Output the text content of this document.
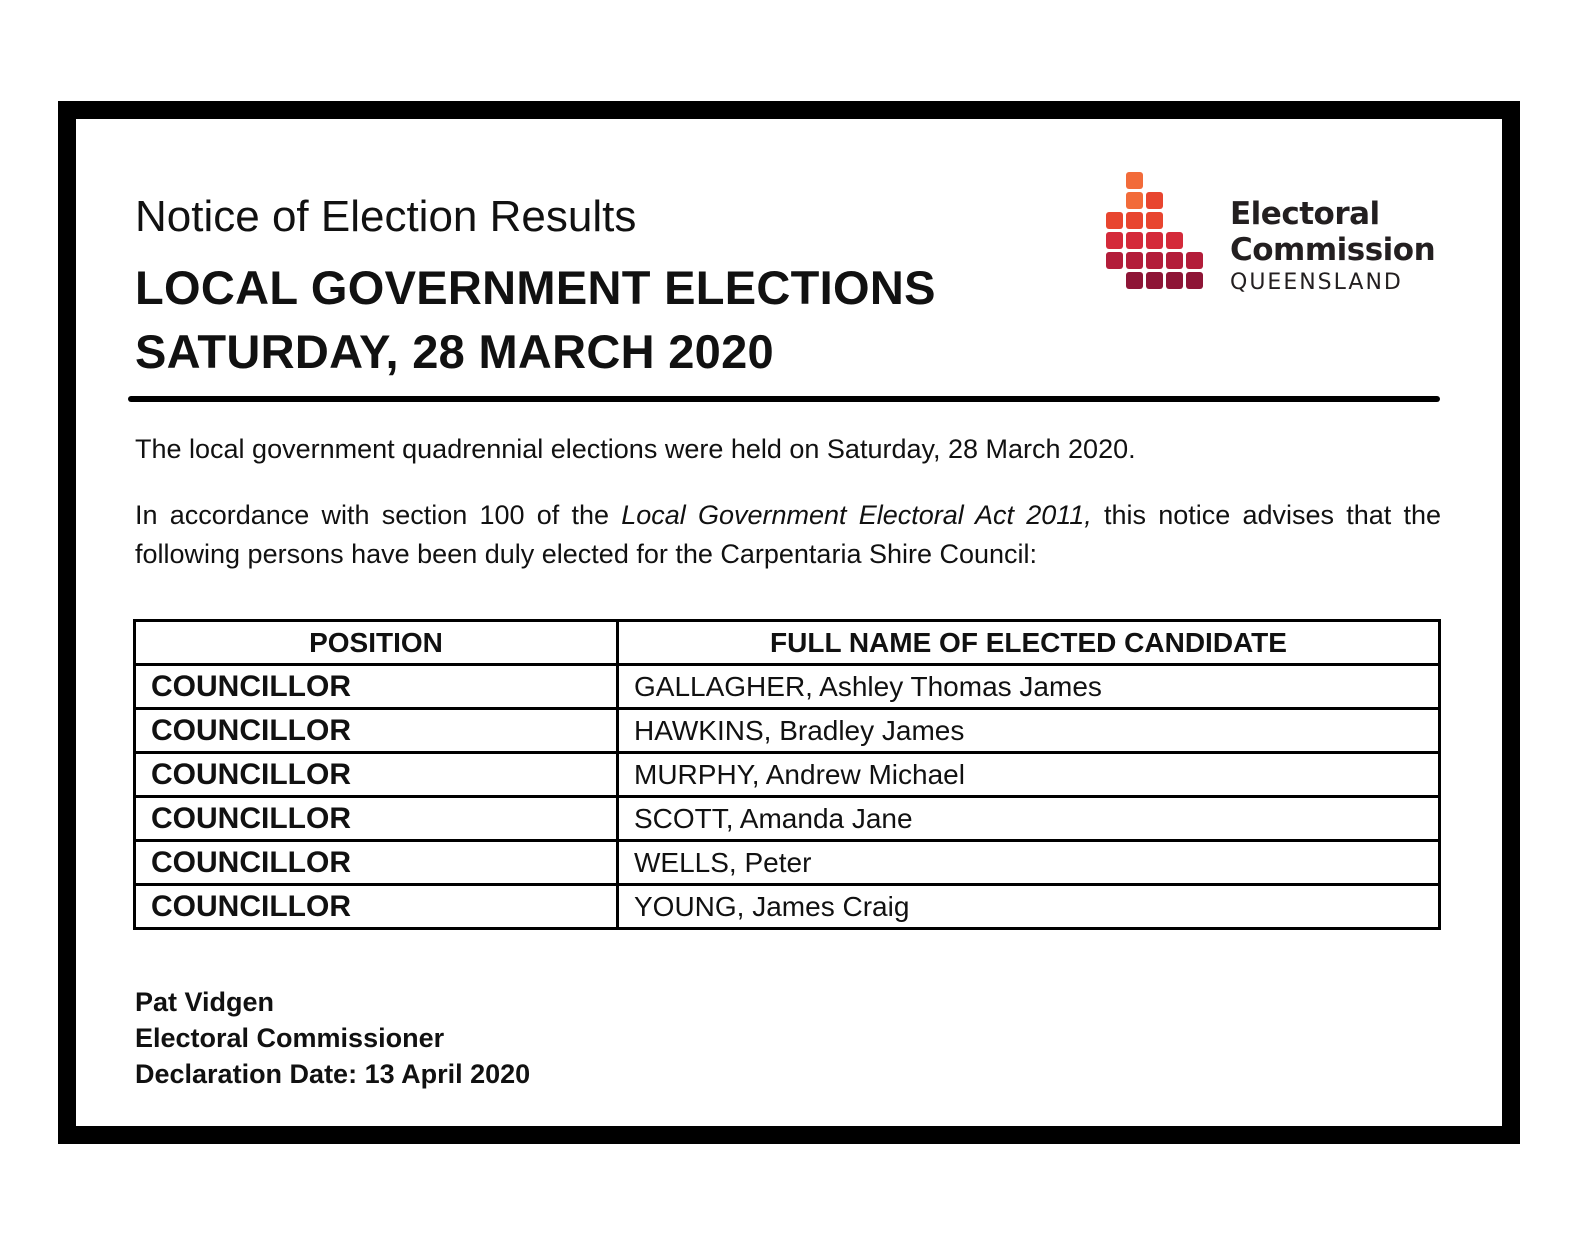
Notice of Election Results
LOCAL GOVERNMENT ELECTIONS
SATURDAY, 28 MARCH 2020
Electoral
Commission
QUEENSLAND

The local government quadrennial elections were held on Saturday, 28 March 2020.

In accordance with section 100 of the Local Government Electoral Act 2011, this notice advises that the following persons have been duly elected for the Carpentaria Shire Council:

POSITION	FULL NAME OF ELECTED CANDIDATE
COUNCILLOR	GALLAGHER, Ashley Thomas James
COUNCILLOR	HAWKINS, Bradley James
COUNCILLOR	MURPHY, Andrew Michael
COUNCILLOR	SCOTT, Amanda Jane
COUNCILLOR	WELLS, Peter
COUNCILLOR	YOUNG, James Craig
Pat Vidgen
Electoral Commissioner
Declaration Date: 13 April 2020
